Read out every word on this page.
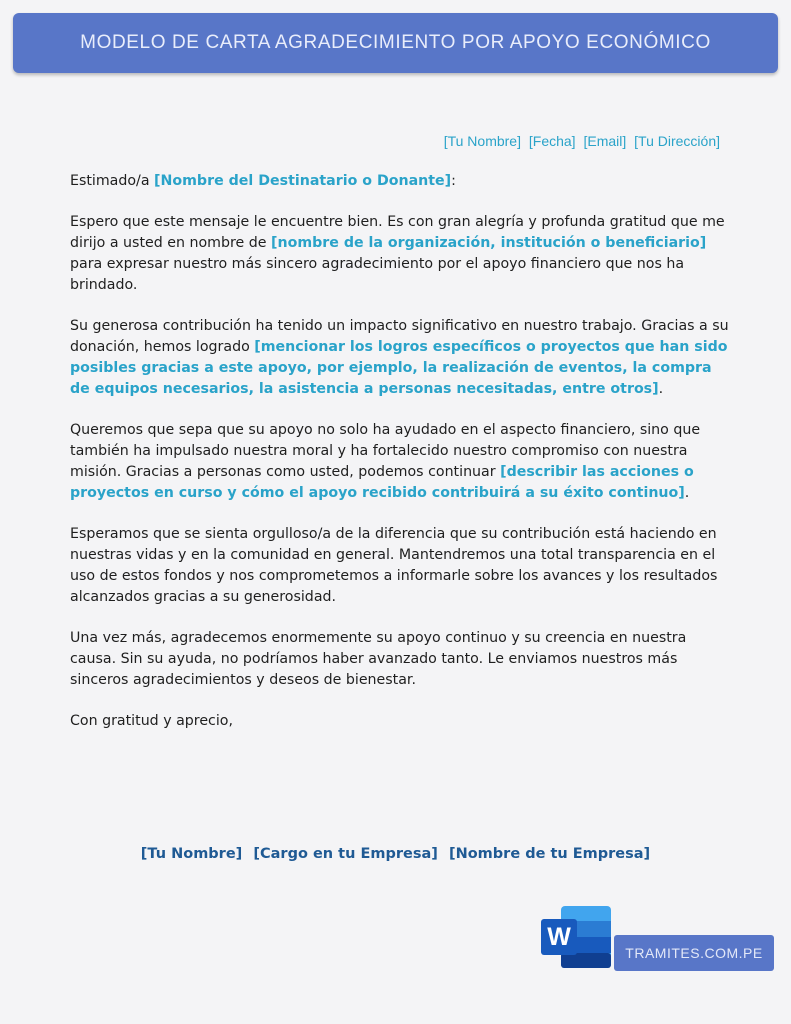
MODELO DE CARTA AGRADECIMIENTO POR APOYO ECONÓMICO
[Tu Nombre] [Fecha] [Email] [Tu Dirección]

Estimado/a [Nombre del Destinatario o Donante]:

Espero que este mensaje le encuentre bien. Es con gran alegría y profunda gratitud que me dirijo a usted en nombre de [nombre de la organización, institución o beneficiario] para expresar nuestro más sincero agradecimiento por el apoyo financiero que nos ha brindado.

Su generosa contribución ha tenido un impacto significativo en nuestro trabajo. Gracias a su donación, hemos logrado [mencionar los logros específicos o proyectos que han sido posibles gracias a este apoyo, por ejemplo, la realización de eventos, la compra de equipos necesarios, la asistencia a personas necesitadas, entre otros].

Queremos que sepa que su apoyo no solo ha ayudado en el aspecto financiero, sino que también ha impulsado nuestra moral y ha fortalecido nuestro compromiso con nuestra misión. Gracias a personas como usted, podemos continuar [describir las acciones o proyectos en curso y cómo el apoyo recibido contribuirá a su éxito continuo].

Esperamos que se sienta orgulloso/a de la diferencia que su contribución está haciendo en nuestras vidas y en la comunidad en general. Mantendremos una total transparencia en el uso de estos fondos y nos comprometemos a informarle sobre los avances y los resultados alcanzados gracias a su generosidad.

Una vez más, agradecemos enormemente su apoyo continuo y su creencia en nuestra causa. Sin su ayuda, no podríamos haber avanzado tanto. Le enviamos nuestros más sinceros agradecimientos y deseos de bienestar.

Con gratitud y aprecio,

[Tu Nombre] [Cargo en tu Empresa] [Nombre de tu Empresa]
W
TRAMITES.COM.PE
